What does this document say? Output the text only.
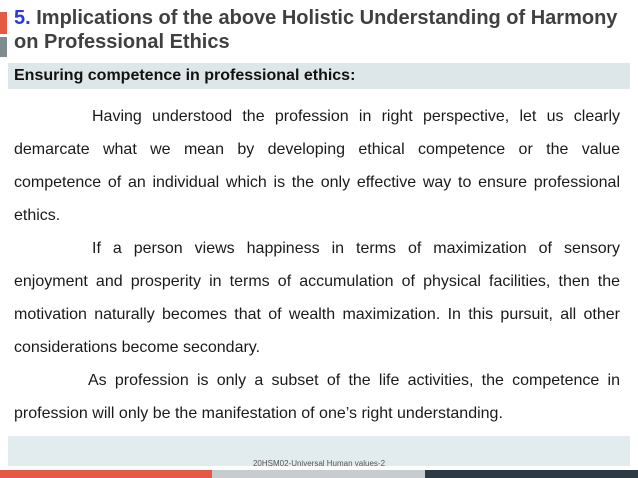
5. Implications of the above Holistic Understanding of Harmony on Professional Ethics
Ensuring competence in professional ethics:

Having understood the profession in right perspective, let us clearly demarcate what we mean by developing ethical competence or the value competence of an individual which is the only effective way to ensure professional ethics.

If a person views happiness in terms of maximization of sensory enjoyment and prosperity in terms of accumulation of physical facilities, then the motivation naturally becomes that of wealth maximization. In this pursuit, all other considerations become secondary.

As profession is only a subset of the life activities, the competence in profession will only be the manifestation of one’s right understanding.

20HSM02-Universal Human values-2
